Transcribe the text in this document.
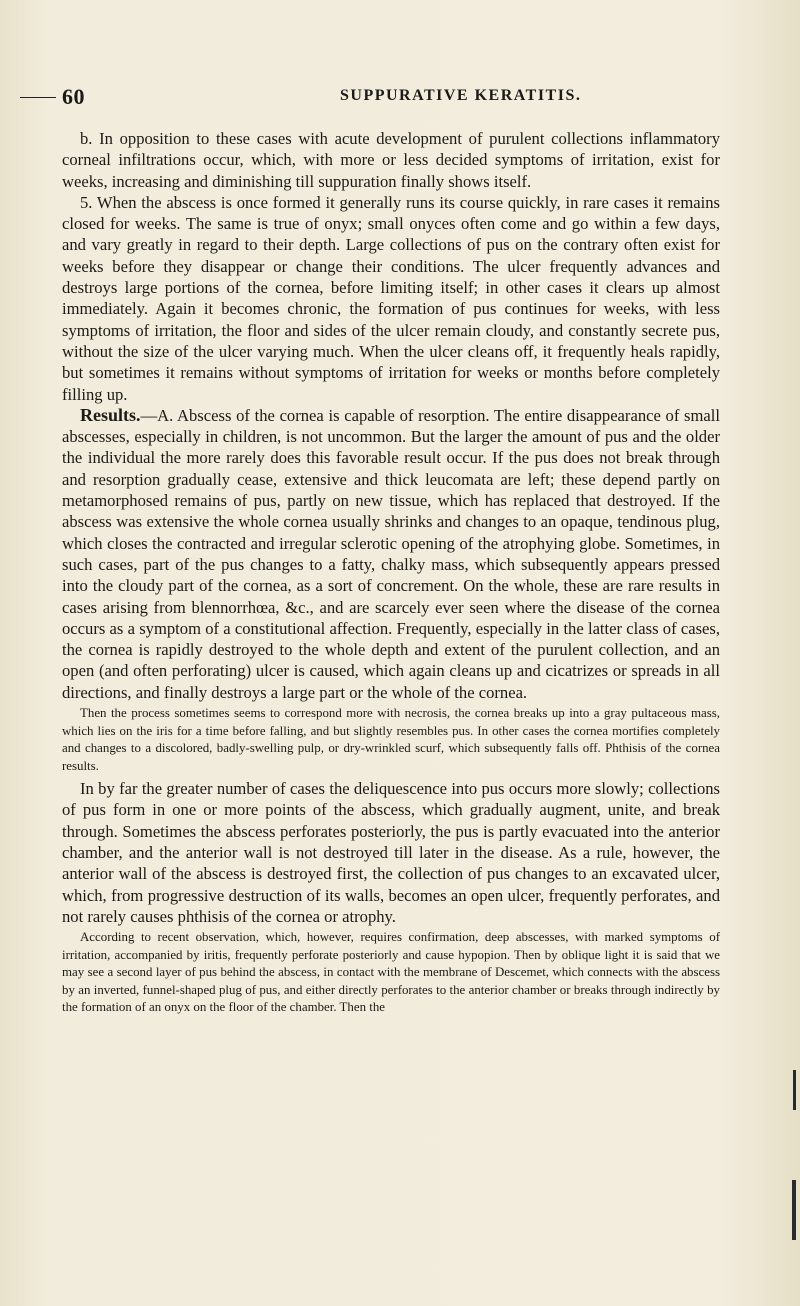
60	SUPPURATIVE KERATITIS.

b. In opposition to these cases with acute development of purulent collections inflammatory corneal infiltrations occur, which, with more or less decided symptoms of irritation, exist for weeks, increasing and diminishing till suppuration finally shows itself.

5. When the abscess is once formed it generally runs its course quickly, in rare cases it remains closed for weeks. The same is true of onyx; small onyces often come and go within a few days, and vary greatly in regard to their depth. Large collections of pus on the contrary often exist for weeks before they disappear or change their conditions. The ulcer frequently advances and destroys large portions of the cornea, before limiting itself; in other cases it clears up almost immediately. Again it becomes chronic, the formation of pus continues for weeks, with less symptoms of irritation, the floor and sides of the ulcer remain cloudy, and constantly secrete pus, without the size of the ulcer varying much. When the ulcer cleans off, it frequently heals rapidly, but sometimes it remains without symptoms of irritation for weeks or months before completely filling up.

Results.—A. Abscess of the cornea is capable of resorption. The entire disappearance of small abscesses, especially in children, is not uncommon. But the larger the amount of pus and the older the individual the more rarely does this favorable result occur. If the pus does not break through and resorption gradually cease, extensive and thick leucomata are left; these depend partly on metamorphosed remains of pus, partly on new tissue, which has replaced that destroyed. If the abscess was extensive the whole cornea usually shrinks and changes to an opaque, tendinous plug, which closes the contracted and irregular sclerotic opening of the atrophying globe. Sometimes, in such cases, part of the pus changes to a fatty, chalky mass, which subsequently appears pressed into the cloudy part of the cornea, as a sort of concrement. On the whole, these are rare results in cases arising from blennorrhœa, &c., and are scarcely ever seen where the disease of the cornea occurs as a symptom of a constitutional affection. Frequently, especially in the latter class of cases, the cornea is rapidly destroyed to the whole depth and extent of the purulent collection, and an open (and often perforating) ulcer is caused, which again cleans up and cicatrizes or spreads in all directions, and finally destroys a large part or the whole of the cornea.

Then the process sometimes seems to correspond more with necrosis, the cornea breaks up into a gray pultaceous mass, which lies on the iris for a time before falling, and but slightly resembles pus. In other cases the cornea mortifies completely and changes to a discolored, badly-swelling pulp, or dry-wrinkled scurf, which subsequently falls off. Phthisis of the cornea results.

In by far the greater number of cases the deliquescence into pus occurs more slowly; collections of pus form in one or more points of the abscess, which gradually augment, unite, and break through. Sometimes the abscess perforates posteriorly, the pus is partly evacuated into the anterior chamber, and the anterior wall is not destroyed till later in the disease. As a rule, however, the anterior wall of the abscess is destroyed first, the collection of pus changes to an excavated ulcer, which, from progressive destruction of its walls, becomes an open ulcer, frequently perforates, and not rarely causes phthisis of the cornea or atrophy.

According to recent observation, which, however, requires confirmation, deep abscesses, with marked symptoms of irritation, accompanied by iritis, frequently perforate posteriorly and cause hypopion. Then by oblique light it is said that we may see a second layer of pus behind the abscess, in contact with the membrane of Descemet, which connects with the abscess by an inverted, funnel-shaped plug of pus, and either directly perforates to the anterior chamber or breaks through indirectly by the formation of an onyx on the floor of the chamber. Then the
